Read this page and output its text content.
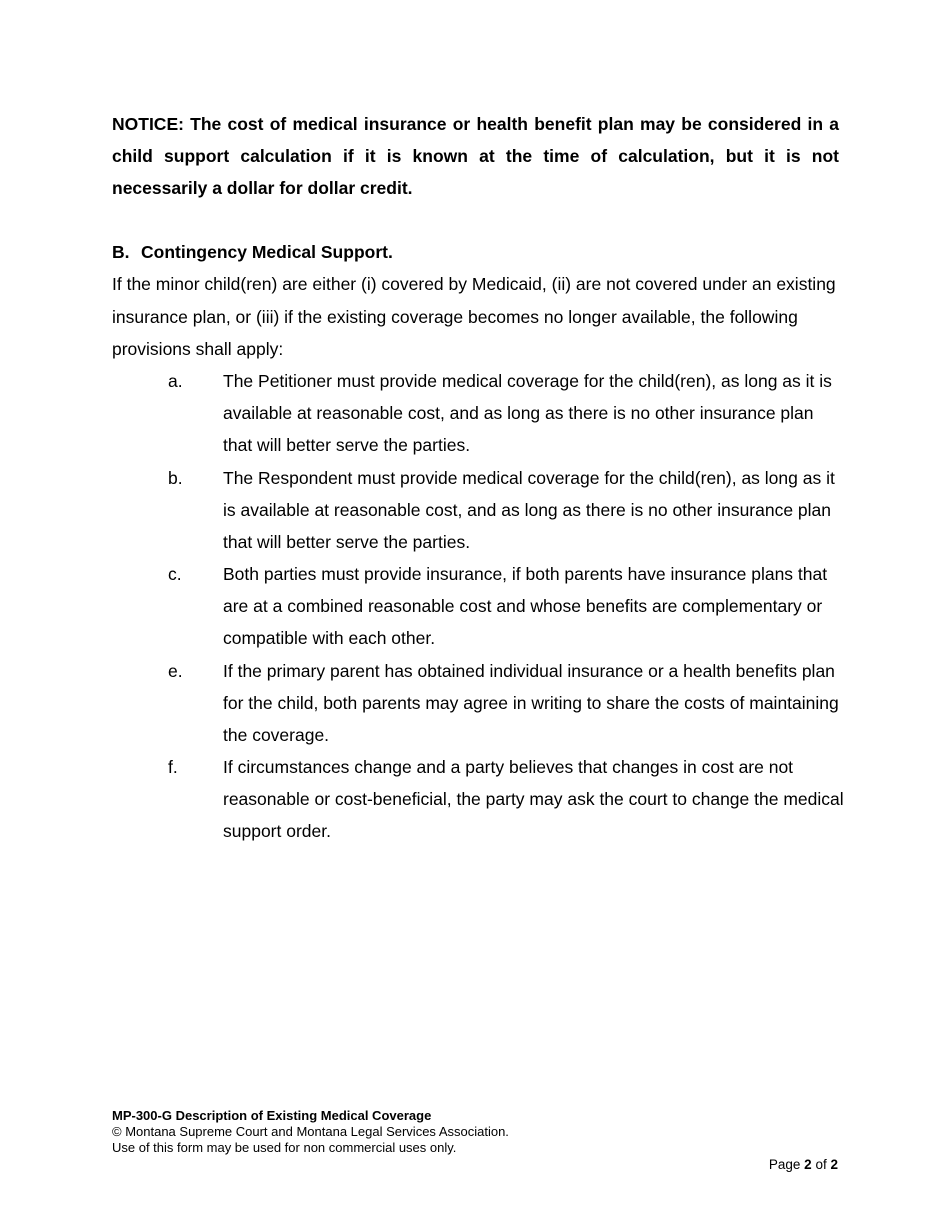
NOTICE: The cost of medical insurance or health benefit plan may be considered in a child support calculation if it is known at the time of calculation, but it is not necessarily a dollar for dollar credit.

B. Contingency Medical Support.

If the minor child(ren) are either (i) covered by Medicaid, (ii) are not covered under an existing insurance plan, or (iii) if the existing coverage becomes no longer available, the following provisions shall apply:

a. The Petitioner must provide medical coverage for the child(ren), as long as it is available at reasonable cost, and as long as there is no other insurance plan that will better serve the parties.
b. The Respondent must provide medical coverage for the child(ren), as long as it is available at reasonable cost, and as long as there is no other insurance plan that will better serve the parties.
c. Both parties must provide insurance, if both parents have insurance plans that are at a combined reasonable cost and whose benefits are complementary or compatible with each other.
e. If the primary parent has obtained individual insurance or a health benefits plan for the child, both parents may agree in writing to share the costs of maintaining the coverage.
f.	If circumstances change and a party believes that changes in cost are not reasonable or cost-beneficial, the party may ask the court to change the medical support order.
MP-300-G Description of Existing Medical Coverage
© Montana Supreme Court and Montana Legal Services Association.
Use of this form may be used for non commercial uses only.
Page 2 of 2
